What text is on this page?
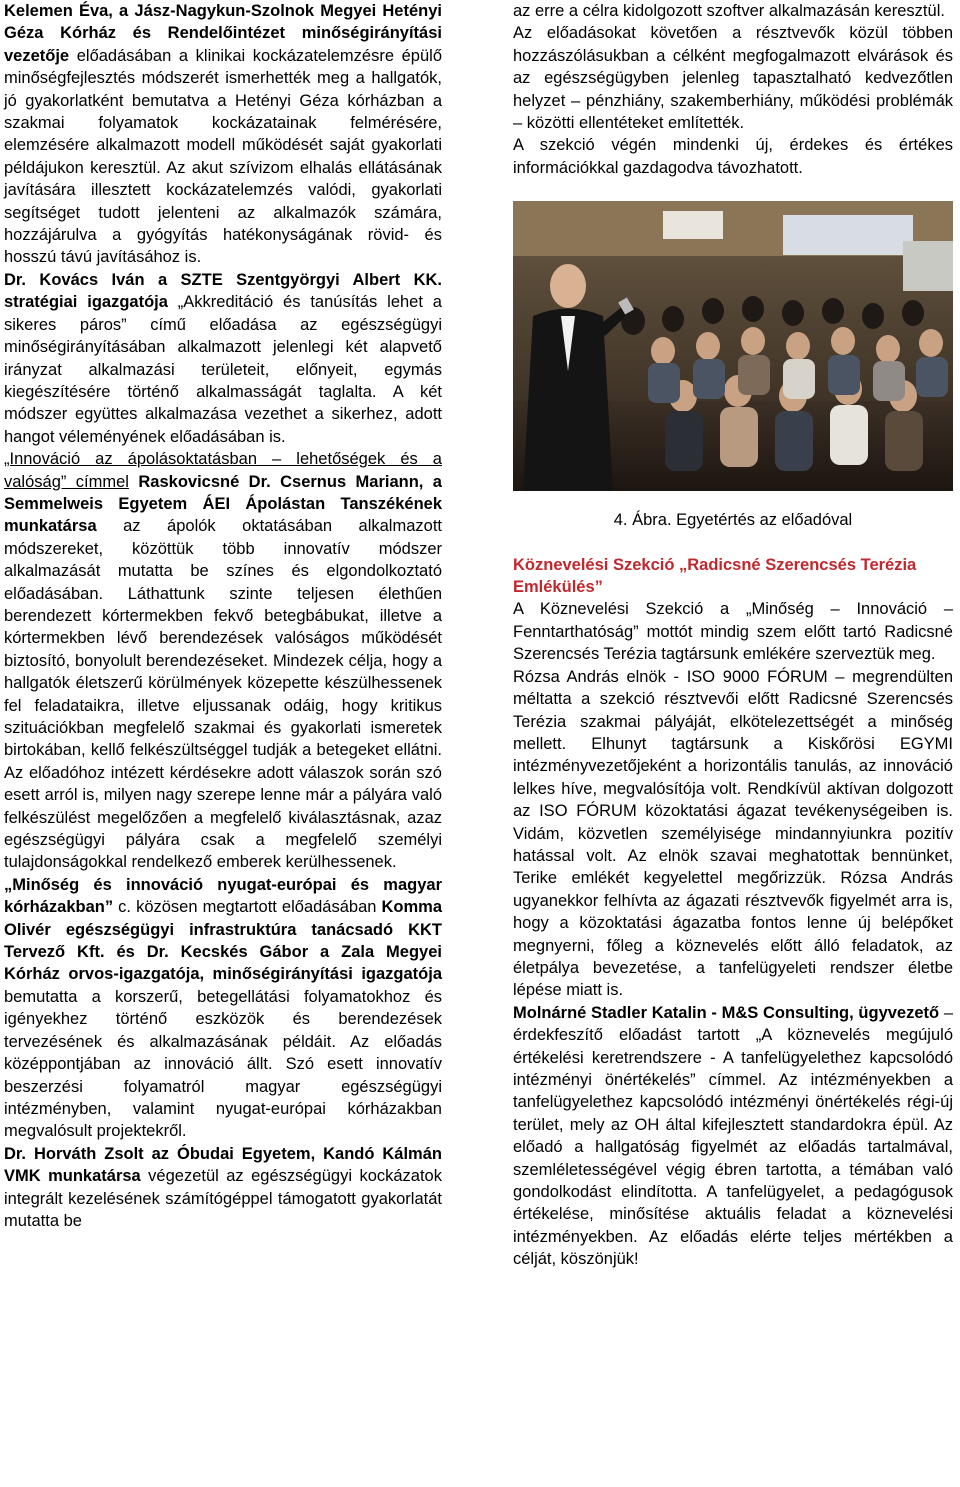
Kelemen Éva, a Jász-Nagykun-Szolnok Megyei Hetényi Géza Kórház és Rendelőintézet minőségirányítási vezetője előadásában a klinikai kockázatelemzésre épülő minőségfejlesztés módszerét ismerhették meg a hallgatók, jó gyakorlatként bemutatva a Hetényi Géza kórházban a szakmai folyamatok kockázatainak felmérésére, elemzésére alkalmazott modell működését saját gyakorlati példájukon keresztül. Az akut szívizom elhalás ellátásának javítására illesztett kockázatelemzés valódi, gyakorlati segítséget tudott jelenteni az alkalmazók számára, hozzájárulva a gyógyítás hatékonyságának rövid- és hosszú távú javításához is.

Dr. Kovács Iván a SZTE Szentgyörgyi Albert KK. stratégiai igazgatója „Akkreditáció és tanúsítás lehet a sikeres páros” című előadása az egészségügyi minőségirányításában alkalmazott jelenlegi két alapvető irányzat alkalmazási területeit, előnyeit, egymás kiegészítésére történő alkalmasságát taglalta. A két módszer együttes alkalmazása vezethet a sikerhez, adott hangot véleményének előadásában is.

„Innováció az ápolásoktatásban – lehetőségek és a valóság” címmel Raskovicsné Dr. Csernus Mariann, a Semmelweis Egyetem ÁEI Ápolástan Tanszékének munkatársa az ápolók oktatásában alkalmazott módszereket, közöttük több innovatív módszer alkalmazását mutatta be színes és elgondolkoztató előadásában. Láthattunk szinte teljesen élethűen berendezett kórtermekben fekvő betegbábukat, illetve a kórtermekben lévő berendezések valóságos működését biztosító, bonyolult berendezéseket. Mindezek célja, hogy a hallgatók életszerű körülmények közepette készülhessenek fel feladataikra, illetve eljussanak odáig, hogy kritikus szituációkban megfelelő szakmai és gyakorlati ismeretek birtokában, kellő felkészültséggel tudják a betegeket ellátni. Az előadóhoz intézett kérdésekre adott válaszok során szó esett arról is, milyen nagy szerepe lenne már a pályára való felkészülést megelőzően a megfelelő kiválasztásnak, azaz egészségügyi pályára csak a megfelelő személyi tulajdonságokkal rendelkező emberek kerülhessenek.

„Minőség és innováció nyugat-európai és magyar kórházakban” c. közösen megtartott előadásában Komma Olivér egészségügyi infrastruktúra tanácsadó KKT Tervező Kft. és Dr. Kecskés Gábor a Zala Megyei Kórház orvos-igazgatója, minőségirányítási igazgatója bemutatta a korszerű, betegellátási folyamatokhoz és igényekhez történő eszközök és berendezések tervezésének és alkalmazásának példáit. Az előadás középpontjában az innováció állt. Szó esett innovatív beszerzési folyamatról magyar egészségügyi intézményben, valamint nyugat-európai kórházakban megvalósult projektekről.

Dr. Horváth Zsolt az Óbudai Egyetem, Kandó Kálmán VMK munkatársa végezetül az egészségügyi kockázatok integrált kezelésének számítógéppel támogatott gyakorlatát mutatta be

az erre a célra kidolgozott szoftver alkalmazásán keresztül.

Az előadásokat követően a résztvevők közül többen hozzászólásukban a célként megfogalmazott elvárások és az egészségügyben jelenleg tapasztalható kedvezőtlen helyzet – pénzhiány, szakemberhiány, működési problémák – közötti ellentéteket említették.

A szekció végén mindenki új, érdekes és értékes információkkal gazdagodva távozhatott.

4. Ábra. Egyetértés az előadóval

Köznevelési Szekció „Radicsné Szerencsés Terézia Emlékülés”

A Köznevelési Szekció a „Minőség – Innováció – Fenntarthatóság” mottót mindig szem előtt tartó Radicsné Szerencsés Terézia tagtársunk emlékére szerveztük meg.

Rózsa András elnök - ISO 9000 FÓRUM – megrendülten méltatta a szekció résztvevői előtt Radicsné Szerencsés Terézia szakmai pályáját, elkötelezettségét a minőség mellett. Elhunyt tagtársunk a Kiskőrösi EGYMI intézményvezetőjeként a horizontális tanulás, az innováció lelkes híve, megvalósítója volt. Rendkívül aktívan dolgozott az ISO FÓRUM közoktatási ágazat tevékenységeiben is. Vidám, közvetlen személyisége mindannyiunkra pozitív hatással volt. Az elnök szavai meghatottak bennünket, Terike emlékét kegyelettel megőrizzük. Rózsa András ugyanekkor felhívta az ágazati résztvevők figyelmét arra is, hogy a közoktatási ágazatba fontos lenne új belépőket megnyerni, főleg a köznevelés előtt álló feladatok, az életpálya bevezetése, a tanfelügyeleti rendszer életbe lépése miatt is.

Molnárné Stadler Katalin - M&S Consulting, ügyvezető – érdekfeszítő előadást tartott „A köznevelés megújuló értékelési keretrendszere - A tanfelügyelethez kapcsolódó intézményi önértékelés” címmel. Az intézményekben a tanfelügyelethez kapcsolódó intézményi önértékelés régi-új terület, mely az OH által kifejlesztett standardokra épül. Az előadó a hallgatóság figyelmét az előadás tartalmával, szemléletességével végig ébren tartotta, a témában való gondolkodást elindította. A tanfelügyelet, a pedagógusok értékelése, minősítése aktuális feladat a köznevelési intézményekben. Az előadás elérte teljes mértékben a célját, köszönjük!
